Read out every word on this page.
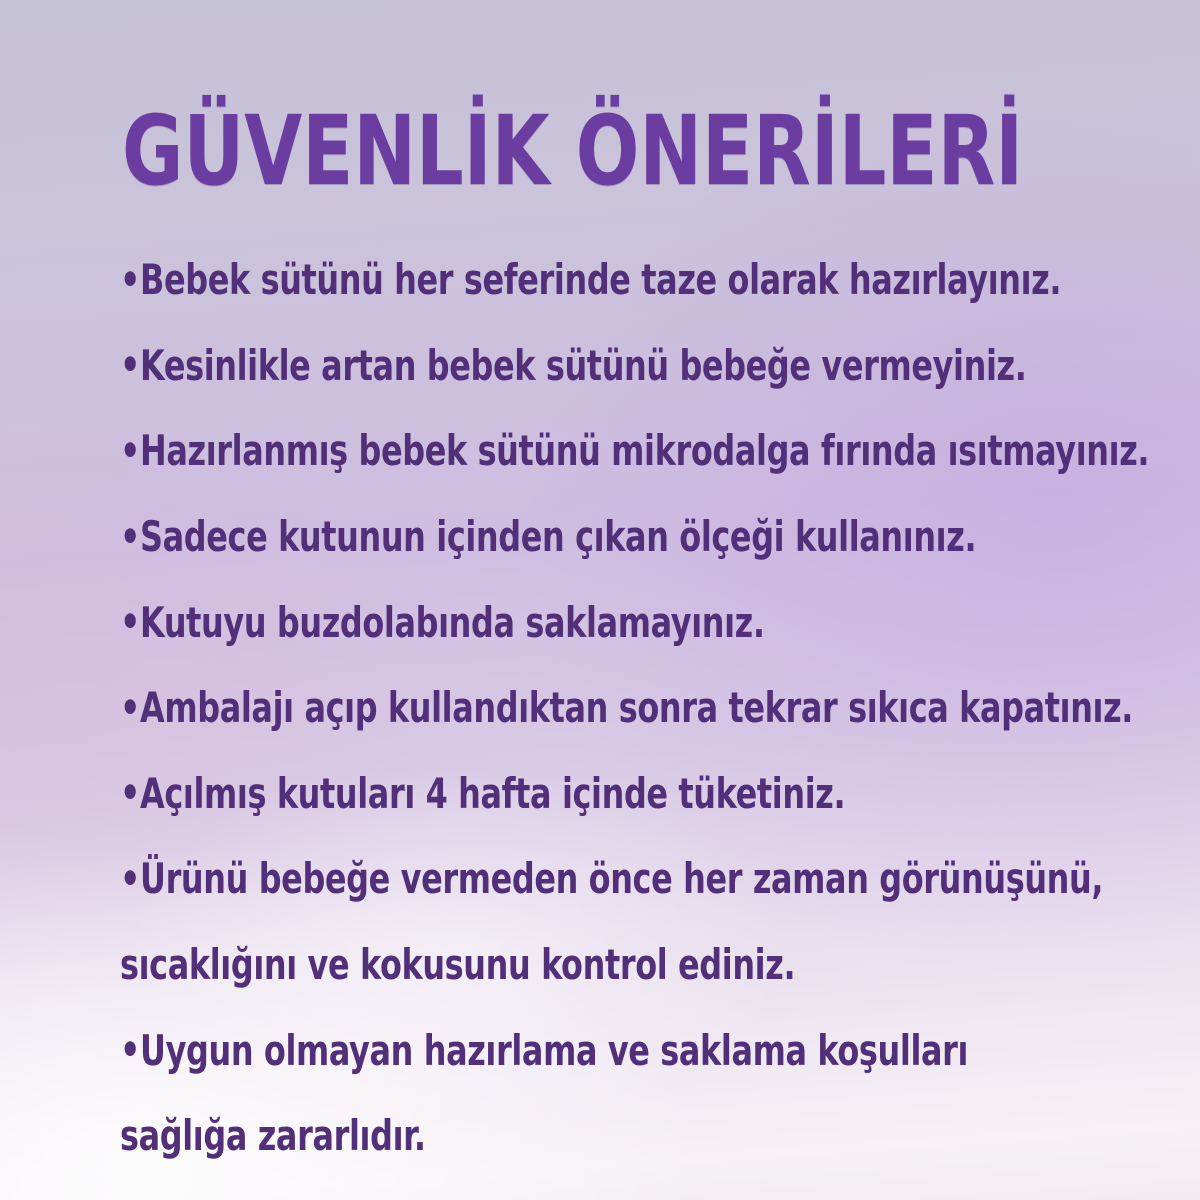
GÜVENLİK ÖNERİLERİ
• Bebek sütünü her seferinde taze olarak hazırlayınız.
• Kesinlikle artan bebek sütünü bebeğe vermeyiniz.
• Hazırlanmış bebek sütünü mikrodalga fırında ısıtmayınız.
• Sadece kutunun içinden çıkan ölçeği kullanınız.
• Kutuyu buzdolabında saklamayınız.
• Ambalajı açıp kullandıktan sonra tekrar sıkıca kapatınız.
• Açılmış kutuları 4 hafta içinde tüketiniz.
• Ürünü bebeğe vermeden önce her zaman görünüşünü,
sıcaklığını ve kokusunu kontrol ediniz.
• Uygun olmayan hazırlama ve saklama koşulları
sağlığa zararlıdır.
